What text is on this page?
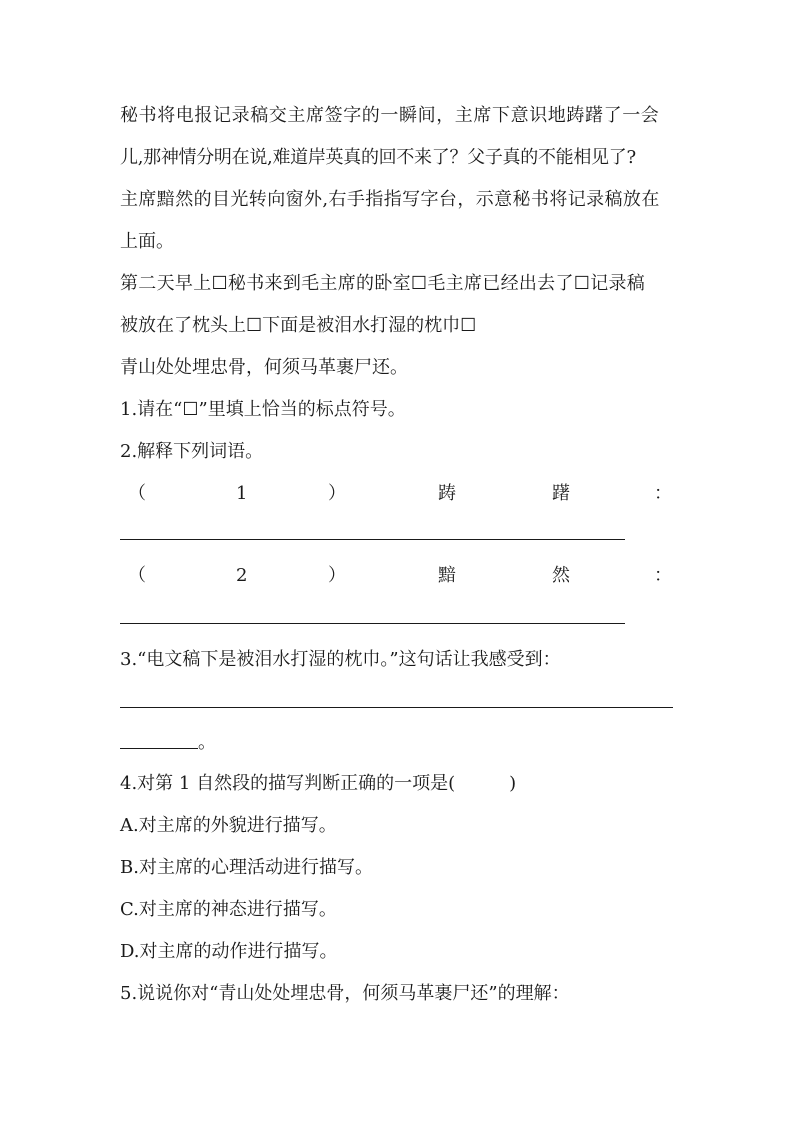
秘书将电报记录稿交主席签字的一瞬间，主席下意识地踌躇了一会
儿,那神情分明在说,难道岸英真的回不来了？父子真的不能相见了?
主席黯然的目光转向窗外,右手指指写字台，示意秘书将记录稿放在
上面。
第二天早上☐秘书来到毛主席的卧室☐毛主席已经出去了☐记录稿
被放在了枕头上☐下面是被泪水打湿的枕巾☐
青山处处埋忠骨，何须马革裹尸还。
1.请在“☐”里填上恰当的标点符号。
2.解释下列词语。
（	1	）	踌	躇	：
（	2	）	黯	然	：
3.“电文稿下是被泪水打湿的枕巾。”这句话让我感受到：
。
4.对第 1 自然段的描写判断正确的一项是(　　　)
A.对主席的外貌进行描写。
B.对主席的心理活动进行描写。
C.对主席的神态进行描写。
D.对主席的动作进行描写。
5.说说你对“青山处处埋忠骨，何须马革裹尸还”的理解：
